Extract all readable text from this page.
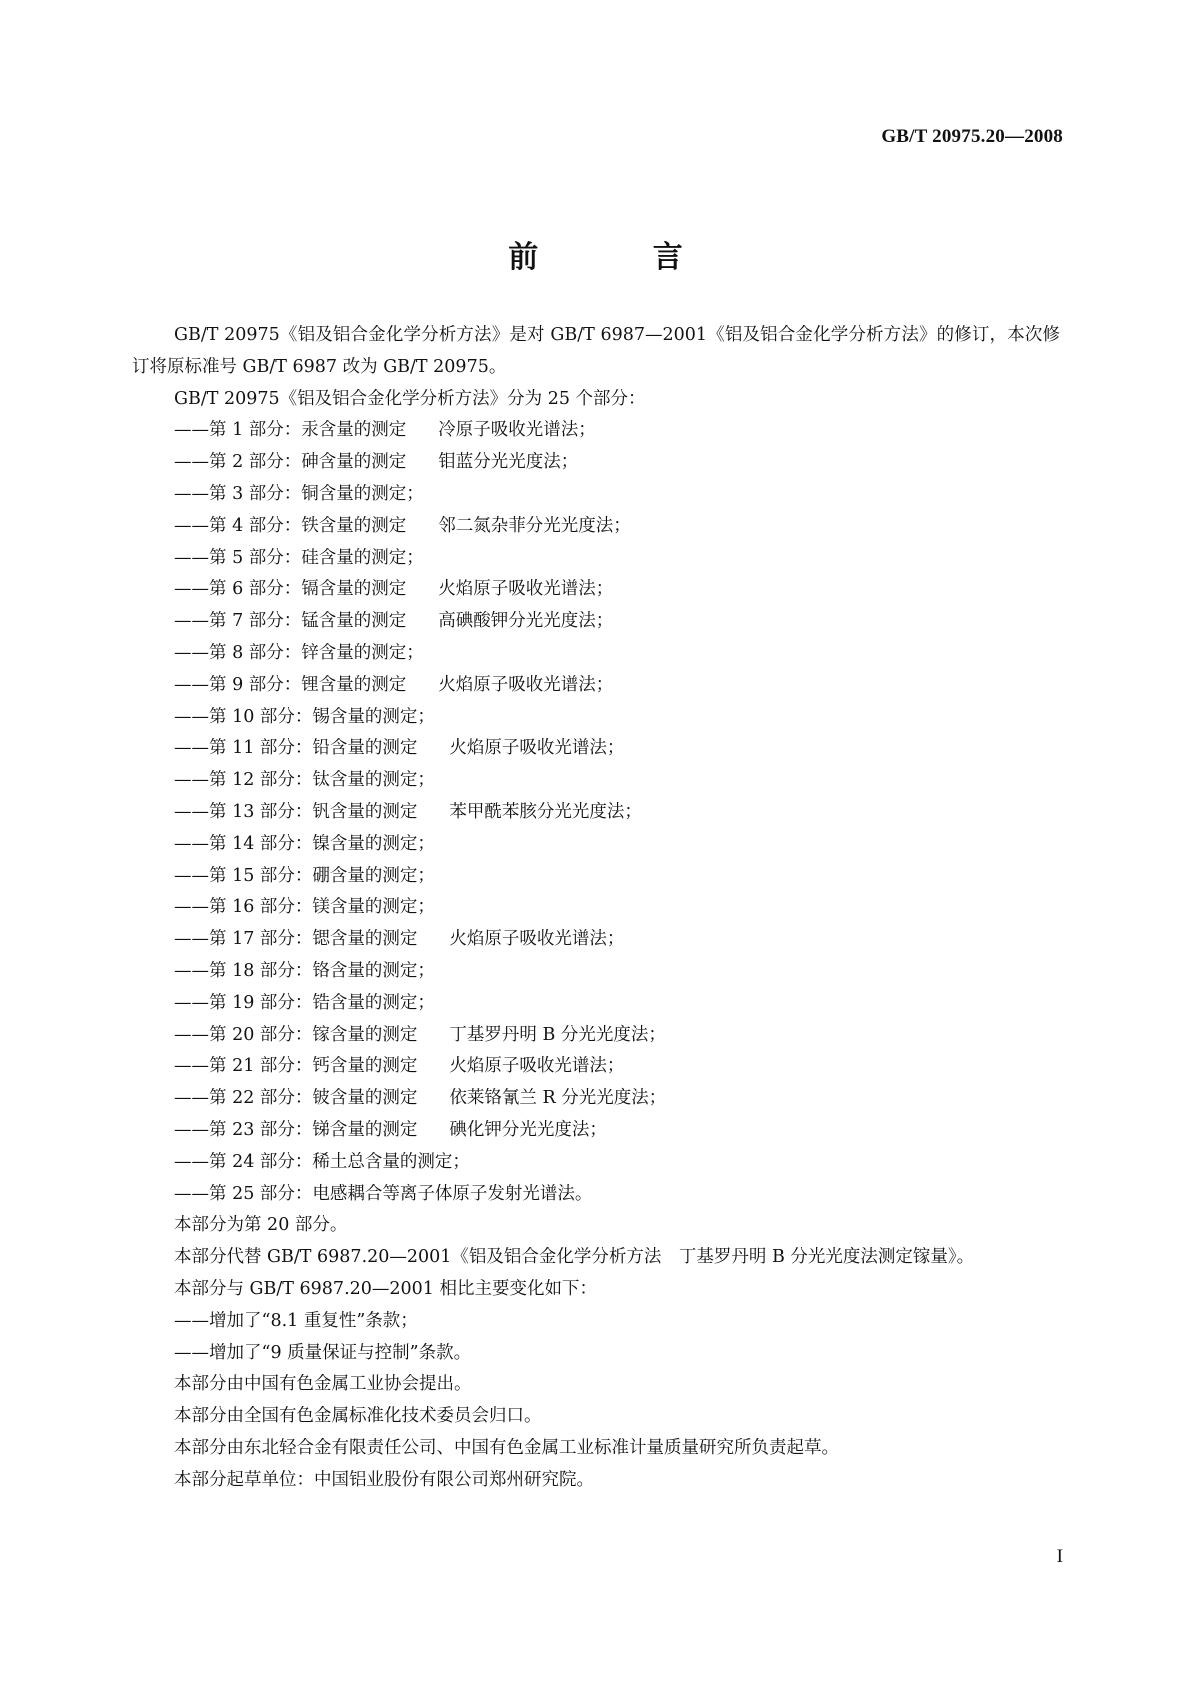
GB/T 20975.20—2008
前 言

GB/T 20975《铝及铝合金化学分析方法》是对 GB/T 6987—2001《铝及铝合金化学分析方法》的修订，本次修订将原标准号 GB/T 6987 改为 GB/T 20975。

GB/T 20975《铝及铝合金化学分析方法》分为 25 个部分：

——第 1 部分：汞含量的测定 冷原子吸收光谱法；

——第 2 部分：砷含量的测定 钼蓝分光光度法；

——第 3 部分：铜含量的测定；

——第 4 部分：铁含量的测定 邻二氮杂菲分光光度法；

——第 5 部分：硅含量的测定；

——第 6 部分：镉含量的测定 火焰原子吸收光谱法；

——第 7 部分：锰含量的测定 高碘酸钾分光光度法；

——第 8 部分：锌含量的测定；

——第 9 部分：锂含量的测定 火焰原子吸收光谱法；

——第 10 部分：锡含量的测定；

——第 11 部分：铅含量的测定 火焰原子吸收光谱法；

——第 12 部分：钛含量的测定；

——第 13 部分：钒含量的测定 苯甲酰苯胲分光光度法；

——第 14 部分：镍含量的测定；

——第 15 部分：硼含量的测定；

——第 16 部分：镁含量的测定；

——第 17 部分：锶含量的测定 火焰原子吸收光谱法；

——第 18 部分：铬含量的测定；

——第 19 部分：锆含量的测定；

——第 20 部分：镓含量的测定 丁基罗丹明 B 分光光度法；

——第 21 部分：钙含量的测定 火焰原子吸收光谱法；

——第 22 部分：铍含量的测定 依莱铬氰兰 R 分光光度法；

——第 23 部分：锑含量的测定 碘化钾分光光度法；

——第 24 部分：稀土总含量的测定；

——第 25 部分：电感耦合等离子体原子发射光谱法。

本部分为第 20 部分。

本部分代替 GB/T 6987.20—2001《铝及铝合金化学分析方法　丁基罗丹明 B 分光光度法测定镓量》。

本部分与 GB/T 6987.20—2001 相比主要变化如下：

——增加了“8.1 重复性”条款；

——增加了“9 质量保证与控制”条款。

本部分由中国有色金属工业协会提出。

本部分由全国有色金属标准化技术委员会归口。

本部分由东北轻合金有限责任公司、中国有色金属工业标准计量质量研究所负责起草。

本部分起草单位：中国铝业股份有限公司郑州研究院。

I
